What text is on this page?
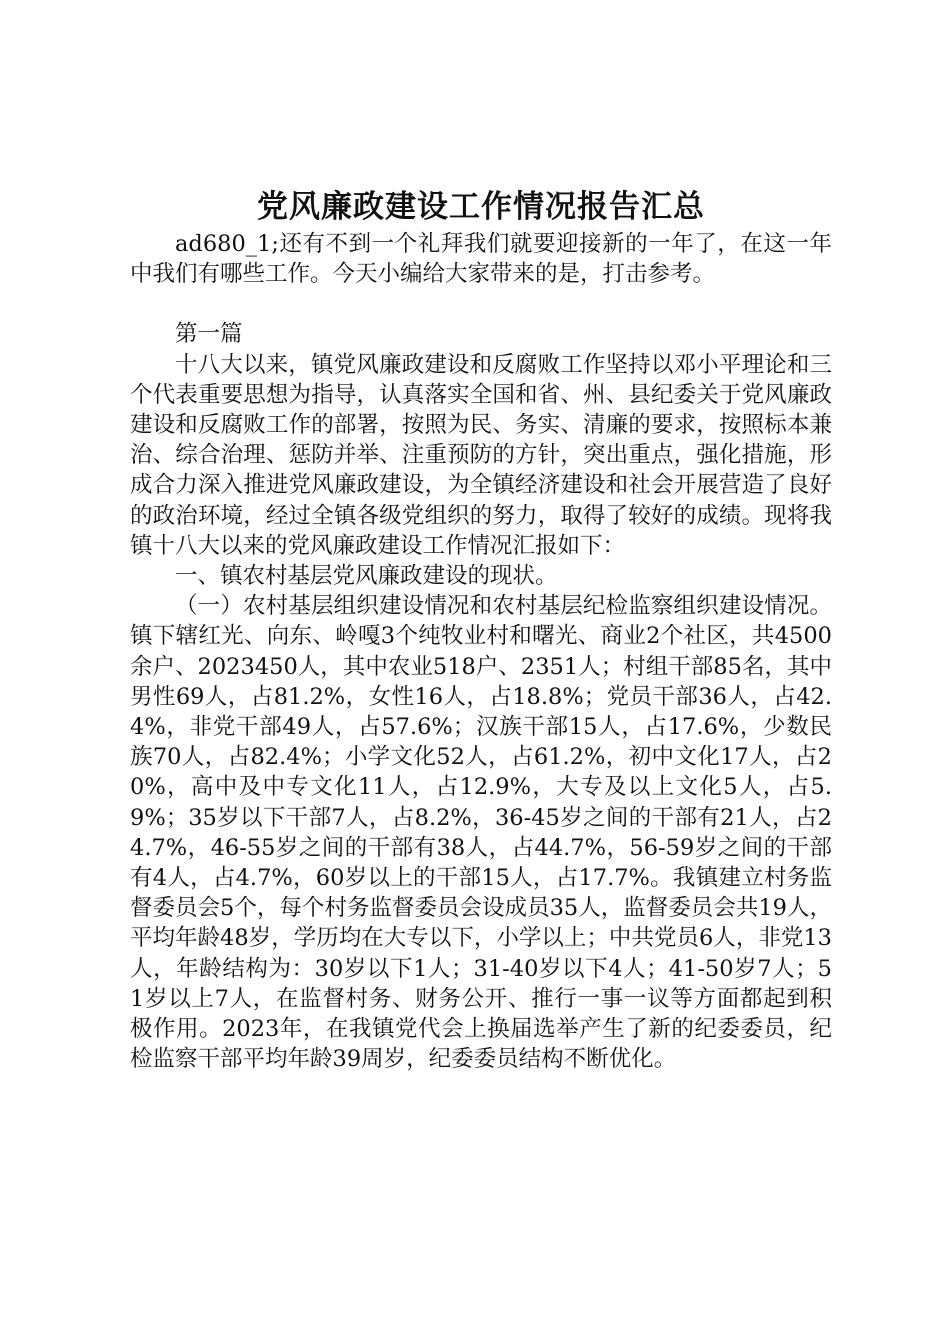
党风廉政建设工作情况报告汇总

ad680_1;还有不到一个礼拜我们就要迎接新的一年了，在这一年中我们有哪些工作。今天小编给大家带来的是，打击参考。

第一篇

十八大以来，镇党风廉政建设和反腐败工作坚持以邓小平理论和三个代表重要思想为指导，认真落实全国和省、州、县纪委关于党风廉政建设和反腐败工作的部署，按照为民、务实、清廉的要求，按照标本兼治、综合治理、惩防并举、注重预防的方针，突出重点，强化措施，形成合力深入推进党风廉政建设，为全镇经济建设和社会开展营造了良好的政治环境，经过全镇各级党组织的努力，取得了较好的成绩。现将我镇十八大以来的党风廉政建设工作情况汇报如下：

一、镇农村基层党风廉政建设的现状。

（一）农村基层组织建设情况和农村基层纪检监察组织建设情况。镇下辖红光、向东、岭嘎3个纯牧业村和曙光、商业2个社区，共4500余户、2023450人，其中农业518户、2351人；村组干部85名，其中男性69人，占81.2%，女性16人，占18.8%；党员干部36人，占42.4%，非党干部49人，占57.6%；汉族干部15人，占17.6%，少数民族70人，占82.4%；小学文化52人，占61.2%，初中文化17人，占20%，高中及中专文化11人，占12.9%，大专及以上文化5人，占5.9%；35岁以下干部7人，占8.2%，36-45岁之间的干部有21人，占24.7%，46-55岁之间的干部有38人，占44.7%，56-59岁之间的干部有4人，占4.7%，60岁以上的干部15人，占17.7%。我镇建立村务监督委员会5个，每个村务监督委员会设成员35人，监督委员会共19人，平均年龄48岁，学历均在大专以下，小学以上；中共党员6人，非党13人，年龄结构为：30岁以下1人；31-40岁以下4人；41-50岁7人；51岁以上7人，在监督村务、财务公开、推行一事一议等方面都起到积极作用。2023年，在我镇党代会上换届选举产生了新的纪委委员，纪检监察干部平均年龄39周岁，纪委委员结构不断优化。
